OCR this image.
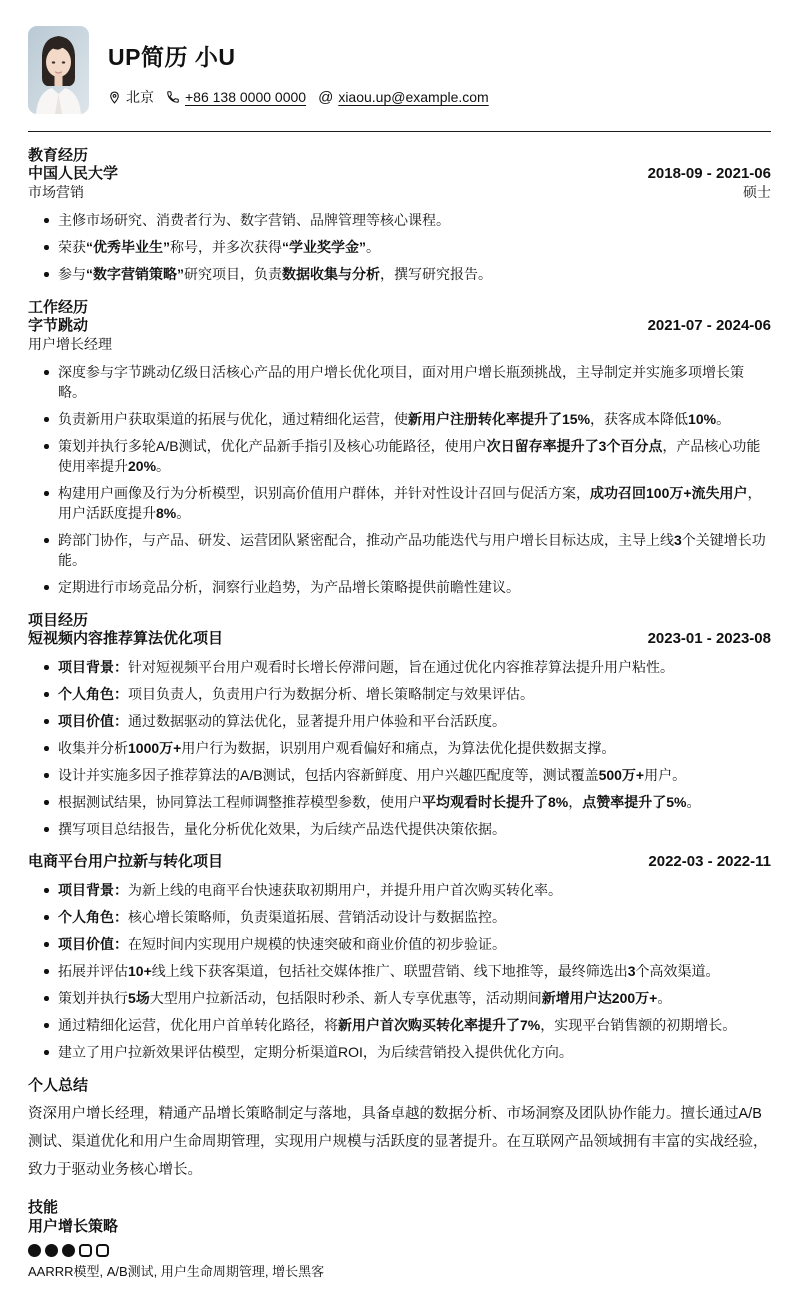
UP简历 小U
北京 +86 138 0000 0000 @ xiaou.up@example.com
教育经历
中国人民大学	2018-09 - 2021-06
市场营销	硕士
主修市场研究、消费者行为、数字营销、品牌管理等核心课程。
荣获“优秀毕业生”称号，并多次获得“学业奖学金”。
参与“数字营销策略”研究项目，负责数据收集与分析，撰写研究报告。
工作经历
字节跳动	2021-07 - 2024-06
用户增长经理
深度参与字节跳动亿级日活核心产品的用户增长优化项目，面对用户增长瓶颈挑战，主导制定并实施多项增长策略。
负责新用户获取渠道的拓展与优化，通过精细化运营，使新用户注册转化率提升了15%，获客成本降低10%。
策划并执行多轮A/B测试，优化产品新手指引及核心功能路径，使用户次日留存率提升了3个百分点，产品核心功能使用率提升20%。
构建用户画像及行为分析模型，识别高价值用户群体，并针对性设计召回与促活方案，成功召回100万+流失用户，用户活跃度提升8%。
跨部门协作，与产品、研发、运营团队紧密配合，推动产品功能迭代与用户增长目标达成，主导上线3个关键增长功能。
定期进行市场竞品分析，洞察行业趋势，为产品增长策略提供前瞻性建议。
项目经历
短视频内容推荐算法优化项目	2023-01 - 2023-08
项目背景：针对短视频平台用户观看时长增长停滞问题，旨在通过优化内容推荐算法提升用户粘性。
个人角色：项目负责人，负责用户行为数据分析、增长策略制定与效果评估。
项目价值：通过数据驱动的算法优化，显著提升用户体验和平台活跃度。
收集并分析1000万+用户行为数据，识别用户观看偏好和痛点，为算法优化提供数据支撑。
设计并实施多因子推荐算法的A/B测试，包括内容新鲜度、用户兴趣匹配度等，测试覆盖500万+用户。
根据测试结果，协同算法工程师调整推荐模型参数，使用户平均观看时长提升了8%，点赞率提升了5%。
撰写项目总结报告，量化分析优化效果，为后续产品迭代提供决策依据。
电商平台用户拉新与转化项目	2022-03 - 2022-11
项目背景：为新上线的电商平台快速获取初期用户，并提升用户首次购买转化率。
个人角色：核心增长策略师，负责渠道拓展、营销活动设计与数据监控。
项目价值：在短时间内实现用户规模的快速突破和商业价值的初步验证。
拓展并评估10+线上线下获客渠道，包括社交媒体推广、联盟营销、线下地推等，最终筛选出3个高效渠道。
策划并执行5场大型用户拉新活动，包括限时秒杀、新人专享优惠等，活动期间新增用户达200万+。
通过精细化运营，优化用户首单转化路径，将新用户首次购买转化率提升了7%，实现平台销售额的初期增长。
建立了用户拉新效果评估模型，定期分析渠道ROI，为后续营销投入提供优化方向。
个人总结
资深用户增长经理，精通产品增长策略制定与落地，具备卓越的数据分析、市场洞察及团队协作能力。擅长通过A/B测试、渠道优化和用户生命周期管理，实现用户规模与活跃度的显著提升。在互联网产品领域拥有丰富的实战经验，致力于驱动业务核心增长。
技能
用户增长策略
AARRR模型, A/B测试, 用户生命周期管理, 增长黑客
